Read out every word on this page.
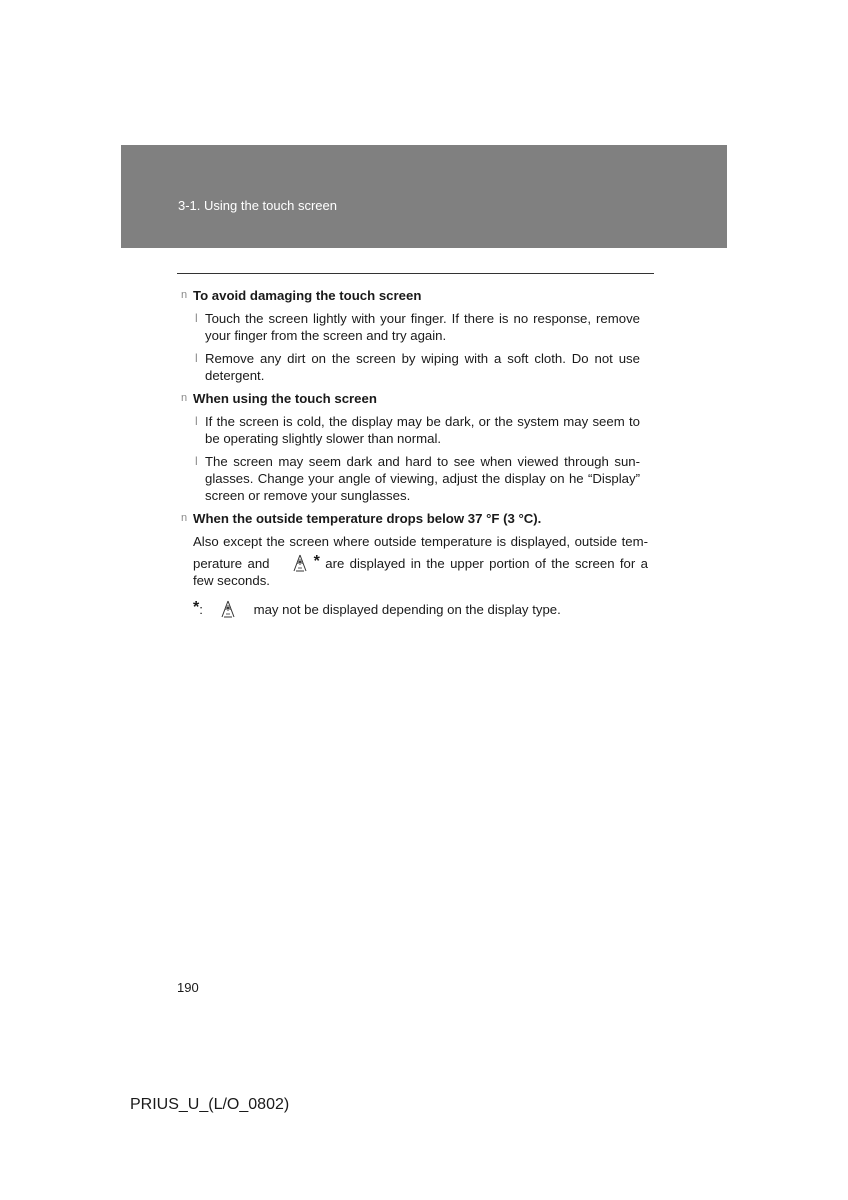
3-1. Using the touch screen
n To avoid damaging the touch screen
l Touch the screen lightly with your finger. If there is no response, remove your finger from the screen and try again.
l Remove any dirt on the screen by wiping with a soft cloth. Do not use detergent.
n When using the touch screen
l If the screen is cold, the display may be dark, or the system may seem to be operating slightly slower than normal.
l The screen may seem dark and hard to see when viewed through sun-glasses. Change your angle of viewing, adjust the display on he “Display” screen or remove your sunglasses.
n When the outside temperature drops below 37 °F (3 °C).
Also except the screen where outside temperature is displayed, outside tem-
perature and	* are displayed in the upper portion of the screen for a
few seconds.
*:	may not be displayed depending on the display type.
190
PRIUS_U_(L/O_0802)
